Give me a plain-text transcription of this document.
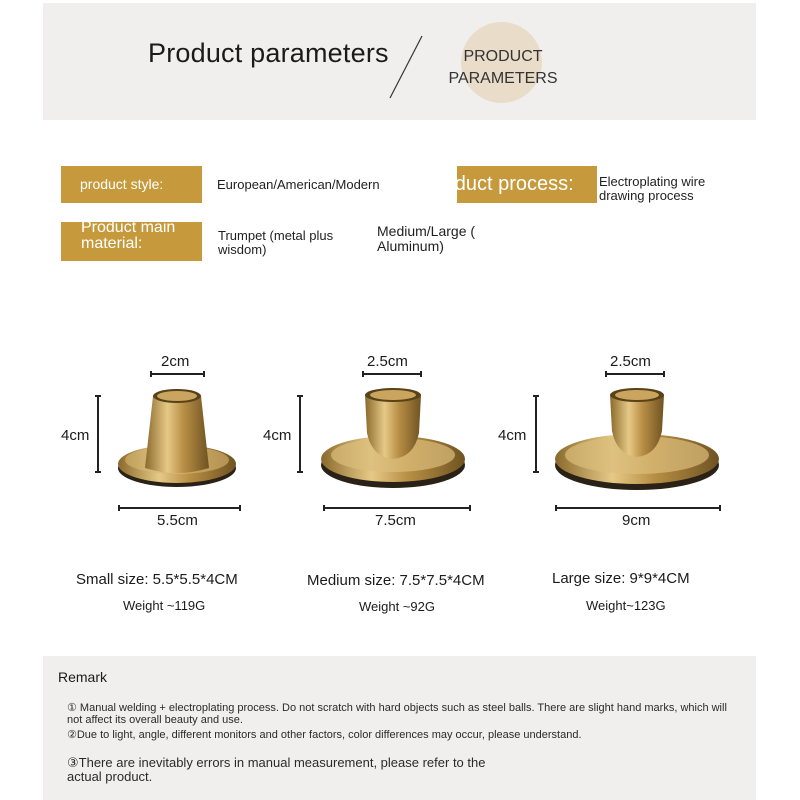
Product parameters	PRODUCT PARAMETERS
product style:	European/American/Modern	roduct process:	Electroplating wire drawing process
Product main material:	Trumpet (metal plus wisdom)
Medium/Large ( Aluminum)
2cm
4cm
5.5cm
Small size: 5.5*5.5*4CM
Weight ~119G
2.5cm
4cm
7.5cm
Medium size: 7.5*7.5*4CM
Weight ~92G
2.5cm
4cm
9cm
Large size: 9*9*4CM
Weight~123G
Remark
① Manual welding + electroplating process. Do not scratch with hard objects such as steel balls. There are slight hand marks, which will not affect its overall beauty and use.
②Due to light, angle, different monitors and other factors, color differences may occur, please understand.
③There are inevitably errors in manual measurement, please refer to the actual product.
